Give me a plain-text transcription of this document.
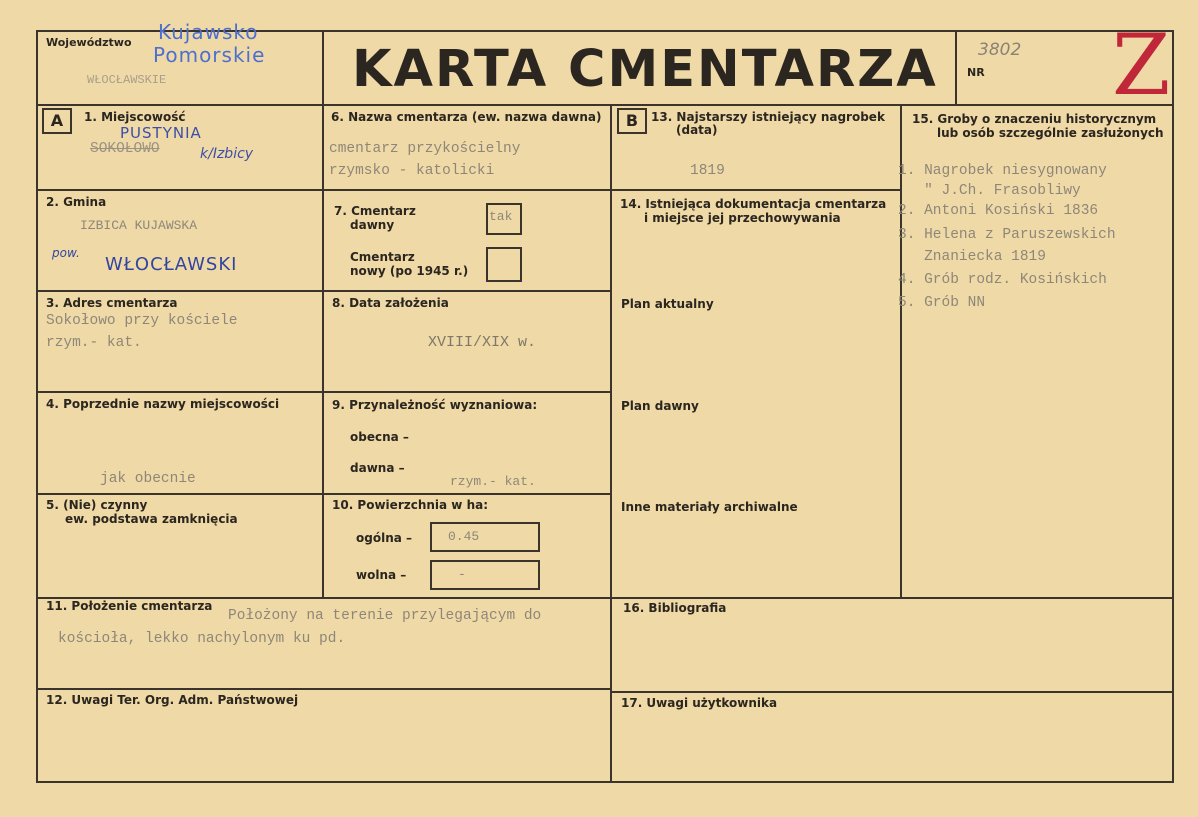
Województwo Kujawsko
Pomorskie
WŁOCŁAWSKIE	KARTA CMENTARZA 3802
NR Z
A	B
1. Miejscowość
PUSTYNIA
SOKOŁOWO	k/Izbicy
2. Gmina
IZBICA KUJAWSKA
pow.
WŁOCŁAWSKI
3. Adres cmentarza
Sokołowo przy kościele
rzym.- kat.
4. Poprzednie nazwy miejscowości
jak obecnie
5. (Nie) czynny
ew. podstawa zamknięcia
6. Nazwa cmentarza (ew. nazwa dawna)
cmentarz przykościelny
rzymsko - katolicki
7. Cmentarz
dawny
tak
Cmentarz
nowy (po 1945 r.)
8. Data założenia
XVIII/XIX w.
9. Przynależność wyznaniowa:
obecna –
dawna –
rzym.- kat.
10. Powierzchnia w ha:
ogólna –	0.45
wolna –	-
11. Położenie cmentarza
Położony na terenie przylegającym do
kościoła, lekko nachylonym ku pd.
12. Uwagi Ter. Org. Adm. Państwowej
13. Najstarszy istniejący nagrobek
(data)
1819
14. Istniejąca dokumentacja cmentarza
i miejsce jej przechowywania
Plan aktualny
Plan dawny
Inne materiały archiwalne
15. Groby o znaczeniu historycznym
lub osób szczególnie zasłużonych
1. Nagrobek niesygnowany
" J.Ch. Frasobliwy
2. Antoni Kosiński 1836
3. Helena z Paruszewskich
Znaniecka 1819
4. Grób rodz. Kosińskich
5. Grób NN
16. Bibliografia
17. Uwagi użytkownika
